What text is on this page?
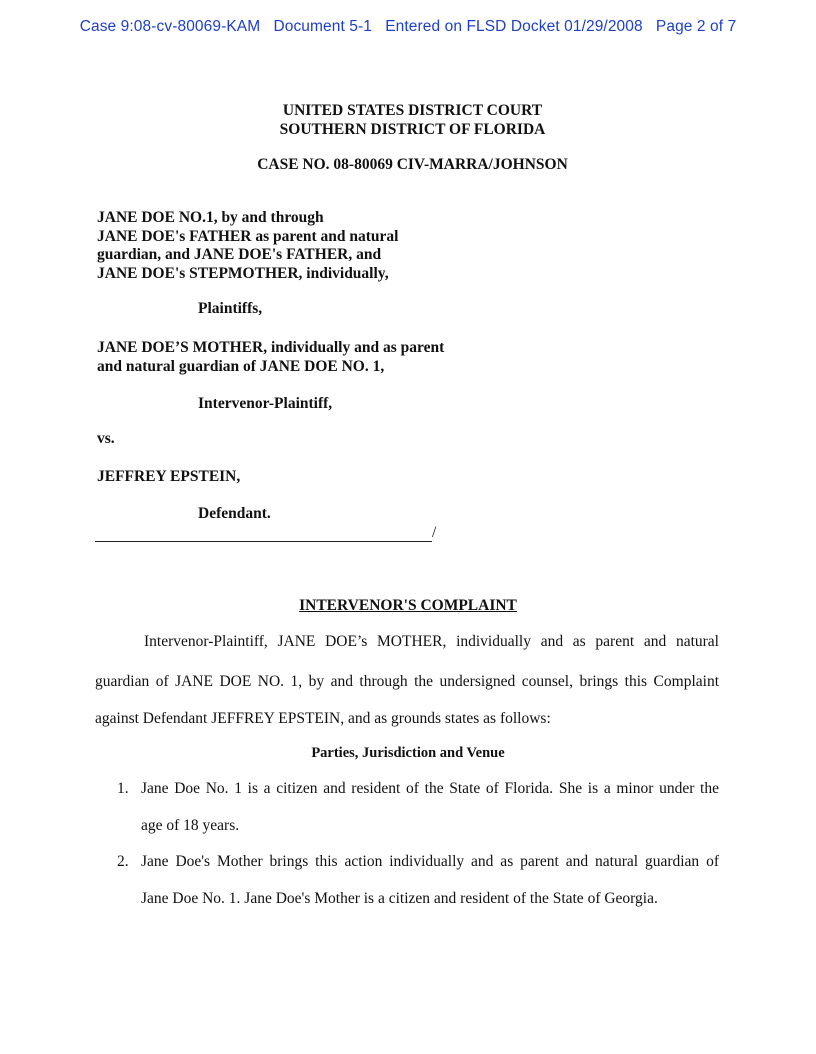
Case 9:08-cv-80069-KAM   Document 5-1   Entered on FLSD Docket 01/29/2008   Page 2 of 7
UNITED STATES DISTRICT COURT
SOUTHERN DISTRICT OF FLORIDA
CASE NO. 08-80069 CIV-MARRA/JOHNSON
JANE DOE NO.1, by and through
JANE DOE's FATHER as parent and natural
guardian, and JANE DOE's FATHER, and
JANE DOE's STEPMOTHER, individually,
Plaintiffs,
JANE DOE’S MOTHER, individually and as parent
and natural guardian of JANE DOE NO. 1,
Intervenor-Plaintiff,
vs.
JEFFREY EPSTEIN,
Defendant.
/
INTERVENOR'S COMPLAINT
Intervenor-Plaintiff, JANE DOE’s MOTHER, individually and as parent and natural
guardian of JANE DOE NO. 1, by and through the undersigned counsel, brings this Complaint
against Defendant JEFFREY EPSTEIN, and as grounds states as follows:
Parties, Jurisdiction and Venue
1. Jane Doe No. 1 is a citizen and resident of the State of Florida. She is a minor under the
age of 18 years.
2. Jane Doe's Mother brings this action individually and as parent and natural guardian of
Jane Doe No. 1. Jane Doe's Mother is a citizen and resident of the State of Georgia.
